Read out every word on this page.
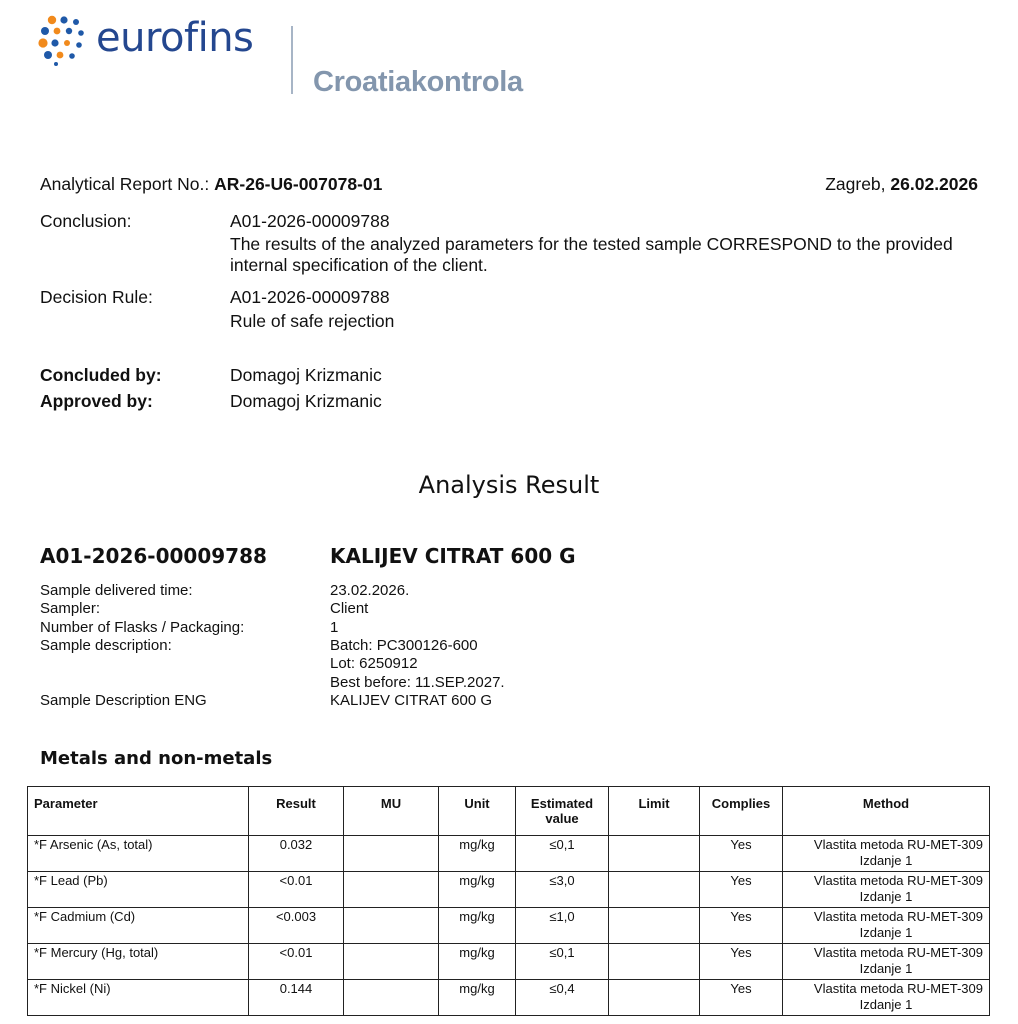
eurofins
Croatiakontrola
Analytical Report No.: AR-26-U6-007078-01	Zagreb, 26.02.2026
Conclusion:	A01-2026-00009788
The results of the analyzed parameters for the tested sample CORRESPOND to the provided internal specification of the client.
Decision Rule:	A01-2026-00009788
Rule of safe rejection
Concluded by:	Domagoj Krizmanic
Approved by:	Domagoj Krizmanic
Analysis Result
A01-2026-00009788	KALIJEV CITRAT 600 G
Sample delivered time:	23.02.2026.
Sampler:	Client
Number of Flasks / Packaging:	1
Sample description:	Batch: PC300126-600
Lot: 6250912
Best before: 11.SEP.2027.
Sample Description ENG	KALIJEV CITRAT 600 G
Metals and non-metals
Parameter	Result	MU	Unit	Estimated value	Limit	Complies	Method
*F Arsenic (As, total)	0.032		mg/kg	≤0,1		Yes	Vlastita metoda RU-MET-309
Izdanje 1

*F Lead (Pb)	<0.01		mg/kg	≤3,0		Yes	Vlastita metoda RU-MET-309
Izdanje 1

*F Cadmium (Cd)	<0.003		mg/kg	≤1,0		Yes	Vlastita metoda RU-MET-309
Izdanje 1

*F Mercury (Hg, total)	<0.01		mg/kg	≤0,1		Yes	Vlastita metoda RU-MET-309
Izdanje 1

*F Nickel (Ni)	0.144		mg/kg	≤0,4		Yes	Vlastita metoda RU-MET-309
Izdanje 1
